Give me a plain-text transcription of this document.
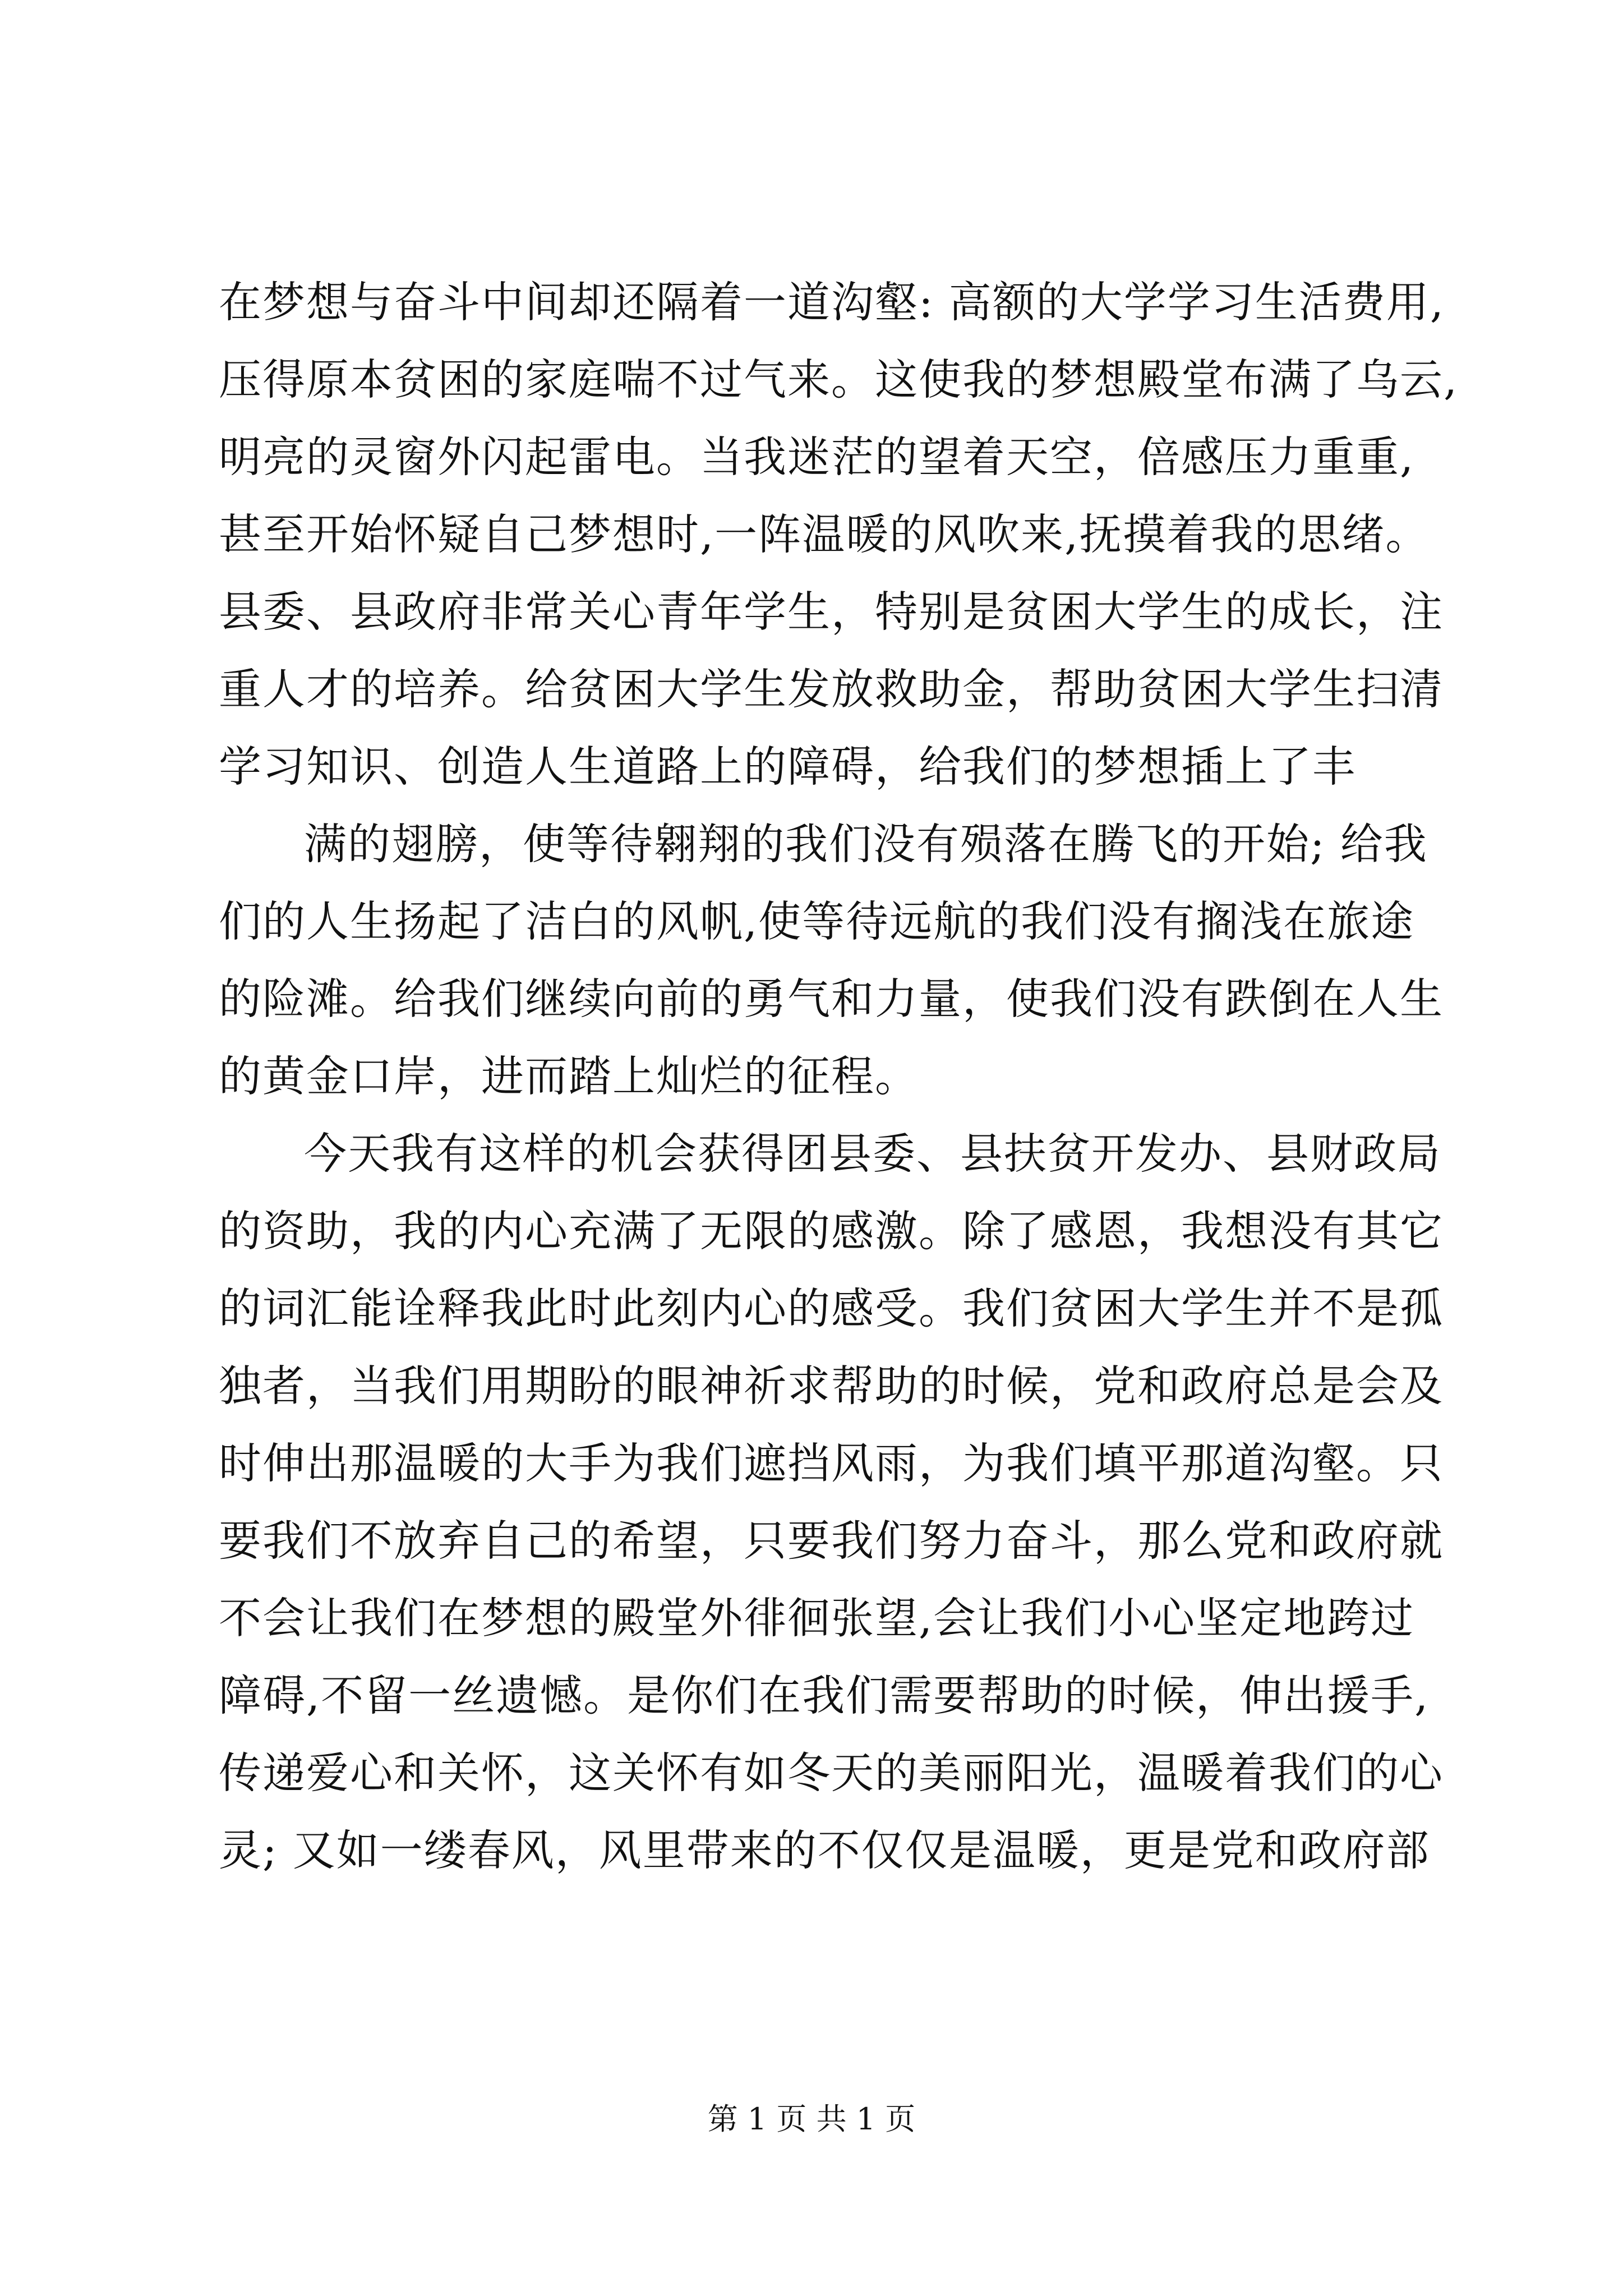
在梦想与奋斗中间却还隔着一道沟壑: 高额的大学学习生活费用,
压得原本贫困的家庭喘不过气来。这使我的梦想殿堂布满了乌云,
明亮的灵窗外闪起雷电。当我迷茫的望着天空，倍感压力重重,
甚至开始怀疑自己梦想时,一阵温暖的风吹来,抚摸着我的思绪。
县委、县政府非常关心青年学生，特别是贫困大学生的成长，注
重人才的培养。给贫困大学生发放救助金，帮助贫困大学生扫清
学习知识、创造人生道路上的障碍，给我们的梦想插上了丰
满的翅膀，使等待翱翔的我们没有殒落在腾飞的开始; 给我
们的人生扬起了洁白的风帆,使等待远航的我们没有搁浅在旅途
的险滩。给我们继续向前的勇气和力量，使我们没有跌倒在人生
的黄金口岸，进而踏上灿烂的征程。
今天我有这样的机会获得团县委、县扶贫开发办、县财政局
的资助，我的内心充满了无限的感激。除了感恩，我想没有其它
的词汇能诠释我此时此刻内心的感受。我们贫困大学生并不是孤
独者，当我们用期盼的眼神祈求帮助的时候，党和政府总是会及
时伸出那温暖的大手为我们遮挡风雨，为我们填平那道沟壑。只
要我们不放弃自己的希望，只要我们努力奋斗，那么党和政府就
不会让我们在梦想的殿堂外徘徊张望,会让我们小心坚定地跨过
障碍,不留一丝遗憾。是你们在我们需要帮助的时候，伸出援手,
传递爱心和关怀，这关怀有如冬天的美丽阳光，温暖着我们的心
灵; 又如一缕春风，风里带来的不仅仅是温暖，更是党和政府部
第 1 页 共 1 页
